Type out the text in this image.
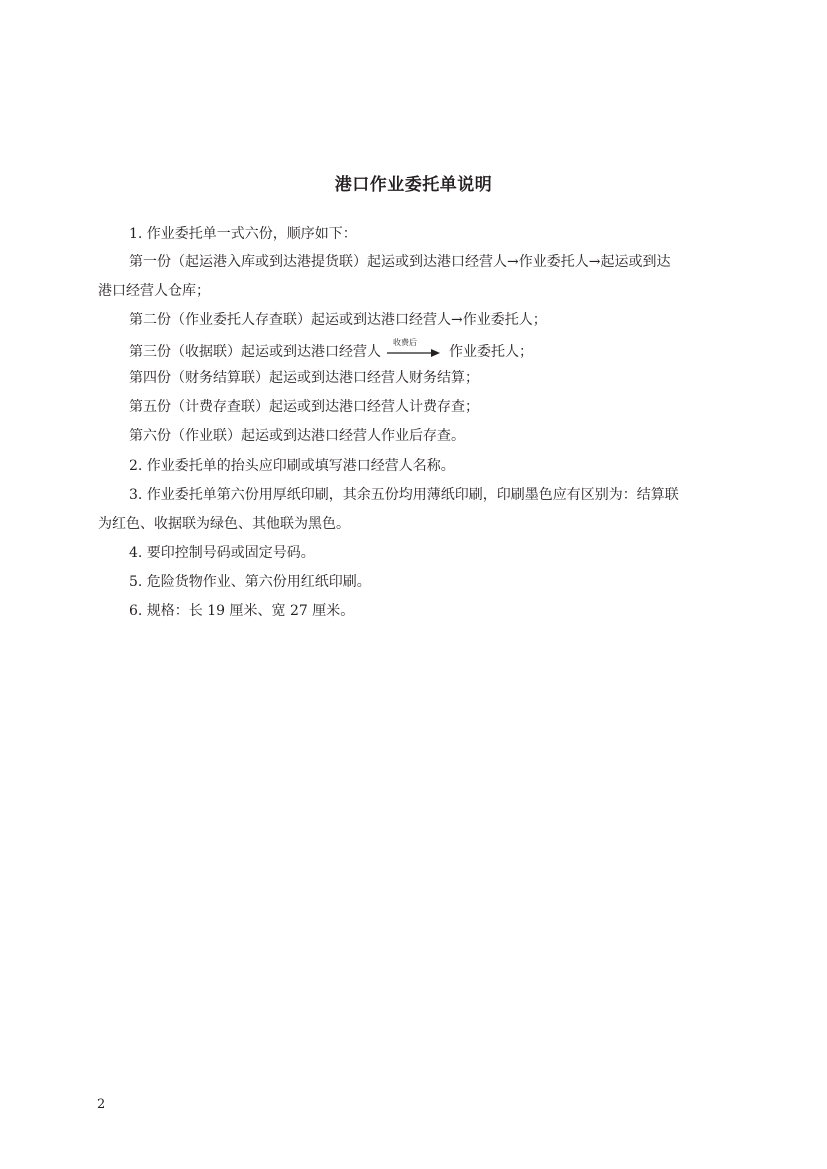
港口作业委托单说明
1. 作业委托单一式六份，顺序如下：
第一份（起运港入库或到达港提货联）起运或到达港口经营人→作业委托人→起运或到达
港口经营人仓库；
第二份（作业委托人存查联）起运或到达港口经营人→作业委托人；
第三份（收据联）起运或到达港口经营人
收费后
作业委托人；
第四份（财务结算联）起运或到达港口经营人财务结算；
第五份（计费存查联）起运或到达港口经营人计费存查；
第六份（作业联）起运或到达港口经营人作业后存查。
2. 作业委托单的抬头应印刷或填写港口经营人名称。
3. 作业委托单第六份用厚纸印刷，其余五份均用薄纸印刷，印刷墨色应有区别为：结算联
为红色、收据联为绿色、其他联为黑色。
4. 要印控制号码或固定号码。
5. 危险货物作业、第六份用红纸印刷。
6. 规格：长 19 厘米、宽 27 厘米。
2
